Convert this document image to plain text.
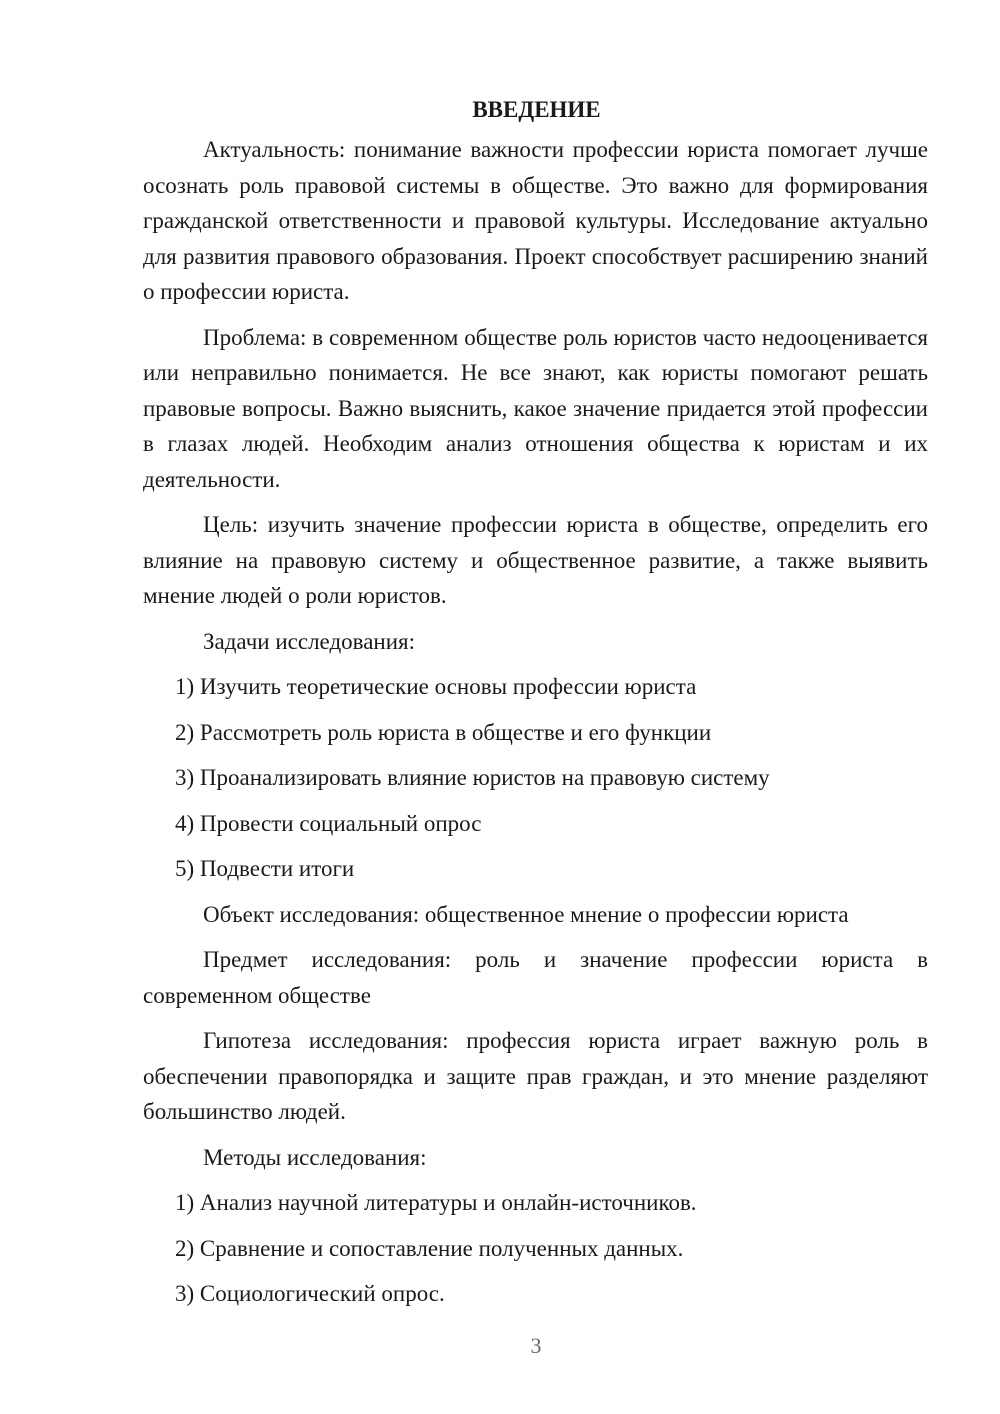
ВВЕДЕНИЕ

Актуальность: понимание важности профессии юриста помогает лучше осознать роль правовой системы в обществе. Это важно для формирования гражданской ответственности и правовой культуры. Исследование актуально для развития правового образования. Проект способствует расширению знаний о профессии юриста.

Проблема: в современном обществе роль юристов часто недооценивается или неправильно понимается. Не все знают, как юристы помогают решать правовые вопросы. Важно выяснить, какое значение придается этой профессии в глазах людей. Необходим анализ отношения общества к юристам и их деятельности.

Цель: изучить значение профессии юриста в обществе, определить его влияние на правовую систему и общественное развитие, а также выявить мнение людей о роли юристов.

Задачи исследования:
1) Изучить теоретические основы профессии юриста
2) Рассмотреть роль юриста в обществе и его функции
3) Проанализировать влияние юристов на правовую систему
4) Провести социальный опрос
5) Подвести итоги
Объект исследования: общественное мнение о профессии юриста

Предмет исследования: роль и значение профессии юриста в современном обществе

Гипотеза исследования: профессия юриста играет важную роль в обеспечении правопорядка и защите прав граждан, и это мнение разделяют большинство людей.

Методы исследования:
1) Анализ научной литературы и онлайн-источников.
2) Сравнение и сопоставление полученных данных.
3) Социологический опрос.
3
